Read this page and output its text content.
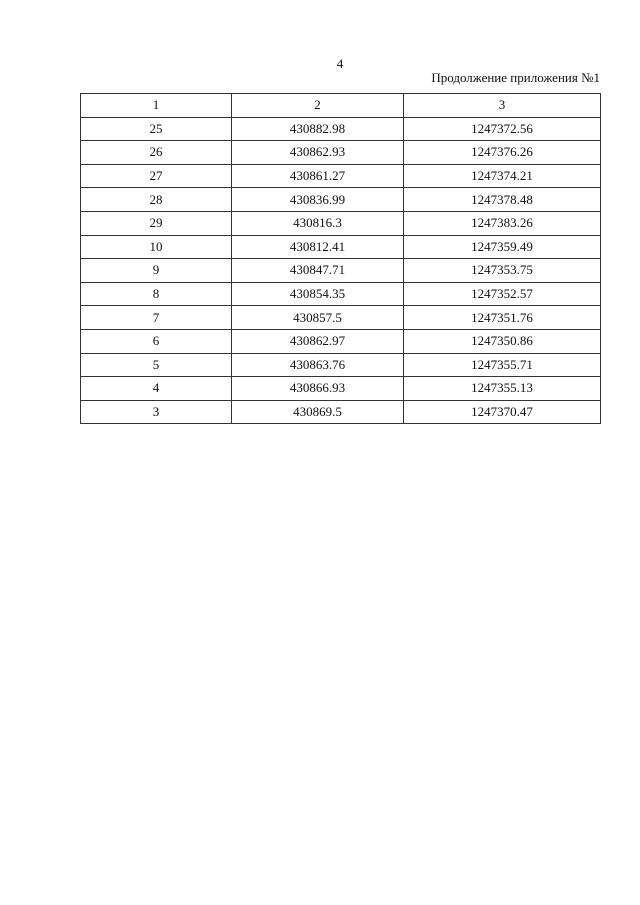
4
Продолжение приложения №1
1	2	3
25	430882.98	1247372.56
26	430862.93	1247376.26
27	430861.27	1247374.21
28	430836.99	1247378.48
29	430816.3	1247383.26
10	430812.41	1247359.49
9	430847.71	1247353.75
8	430854.35	1247352.57
7	430857.5	1247351.76
6	430862.97	1247350.86
5	430863.76	1247355.71
4	430866.93	1247355.13
3	430869.5	1247370.47
